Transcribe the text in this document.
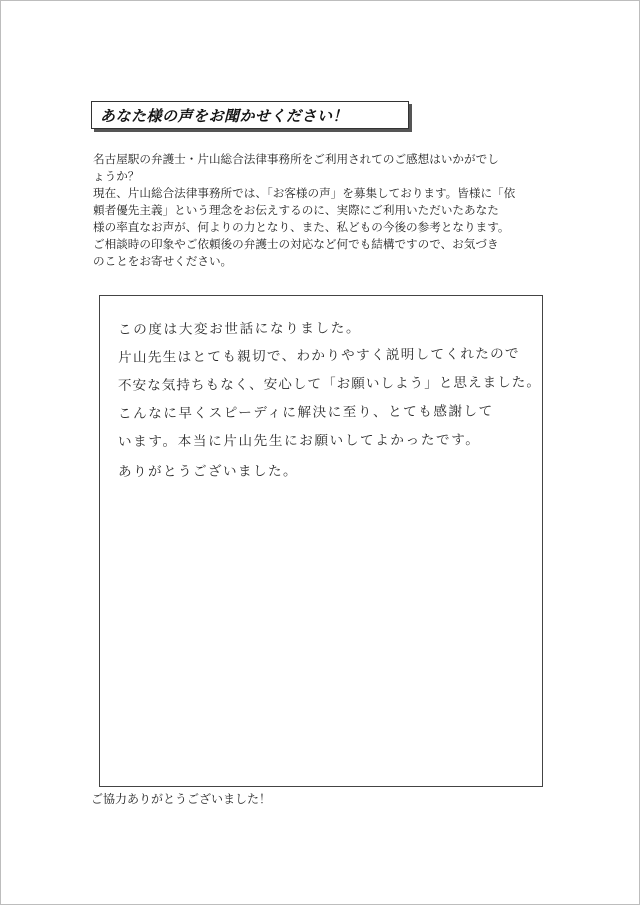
あなた様の声をお聞かせください！
名古屋駅の弁護士・片山総合法律事務所をご利用されてのご感想はいかがでし
ょうか？
現在、片山総合法律事務所では、「お客様の声」を募集しております。皆様に「依
頼者優先主義」という理念をお伝えするのに、実際にご利用いただいたあなた
様の率直なお声が、何よりの力となり、また、私どもの今後の参考となります。
ご相談時の印象やご依頼後の弁護士の対応など何でも結構ですので、お気づき
のことをお寄せください。
この度は大変お世話になりました。
片山先生はとても親切で、わかりやすく説明してくれたので
不安な気持ちもなく、安心して「お願いしよう」と思えました。
こんなに早くスピーディに解決に至り、とても感謝して
います。本当に片山先生にお願いしてよかったです。
ありがとうございました。
ご協力ありがとうございました！
